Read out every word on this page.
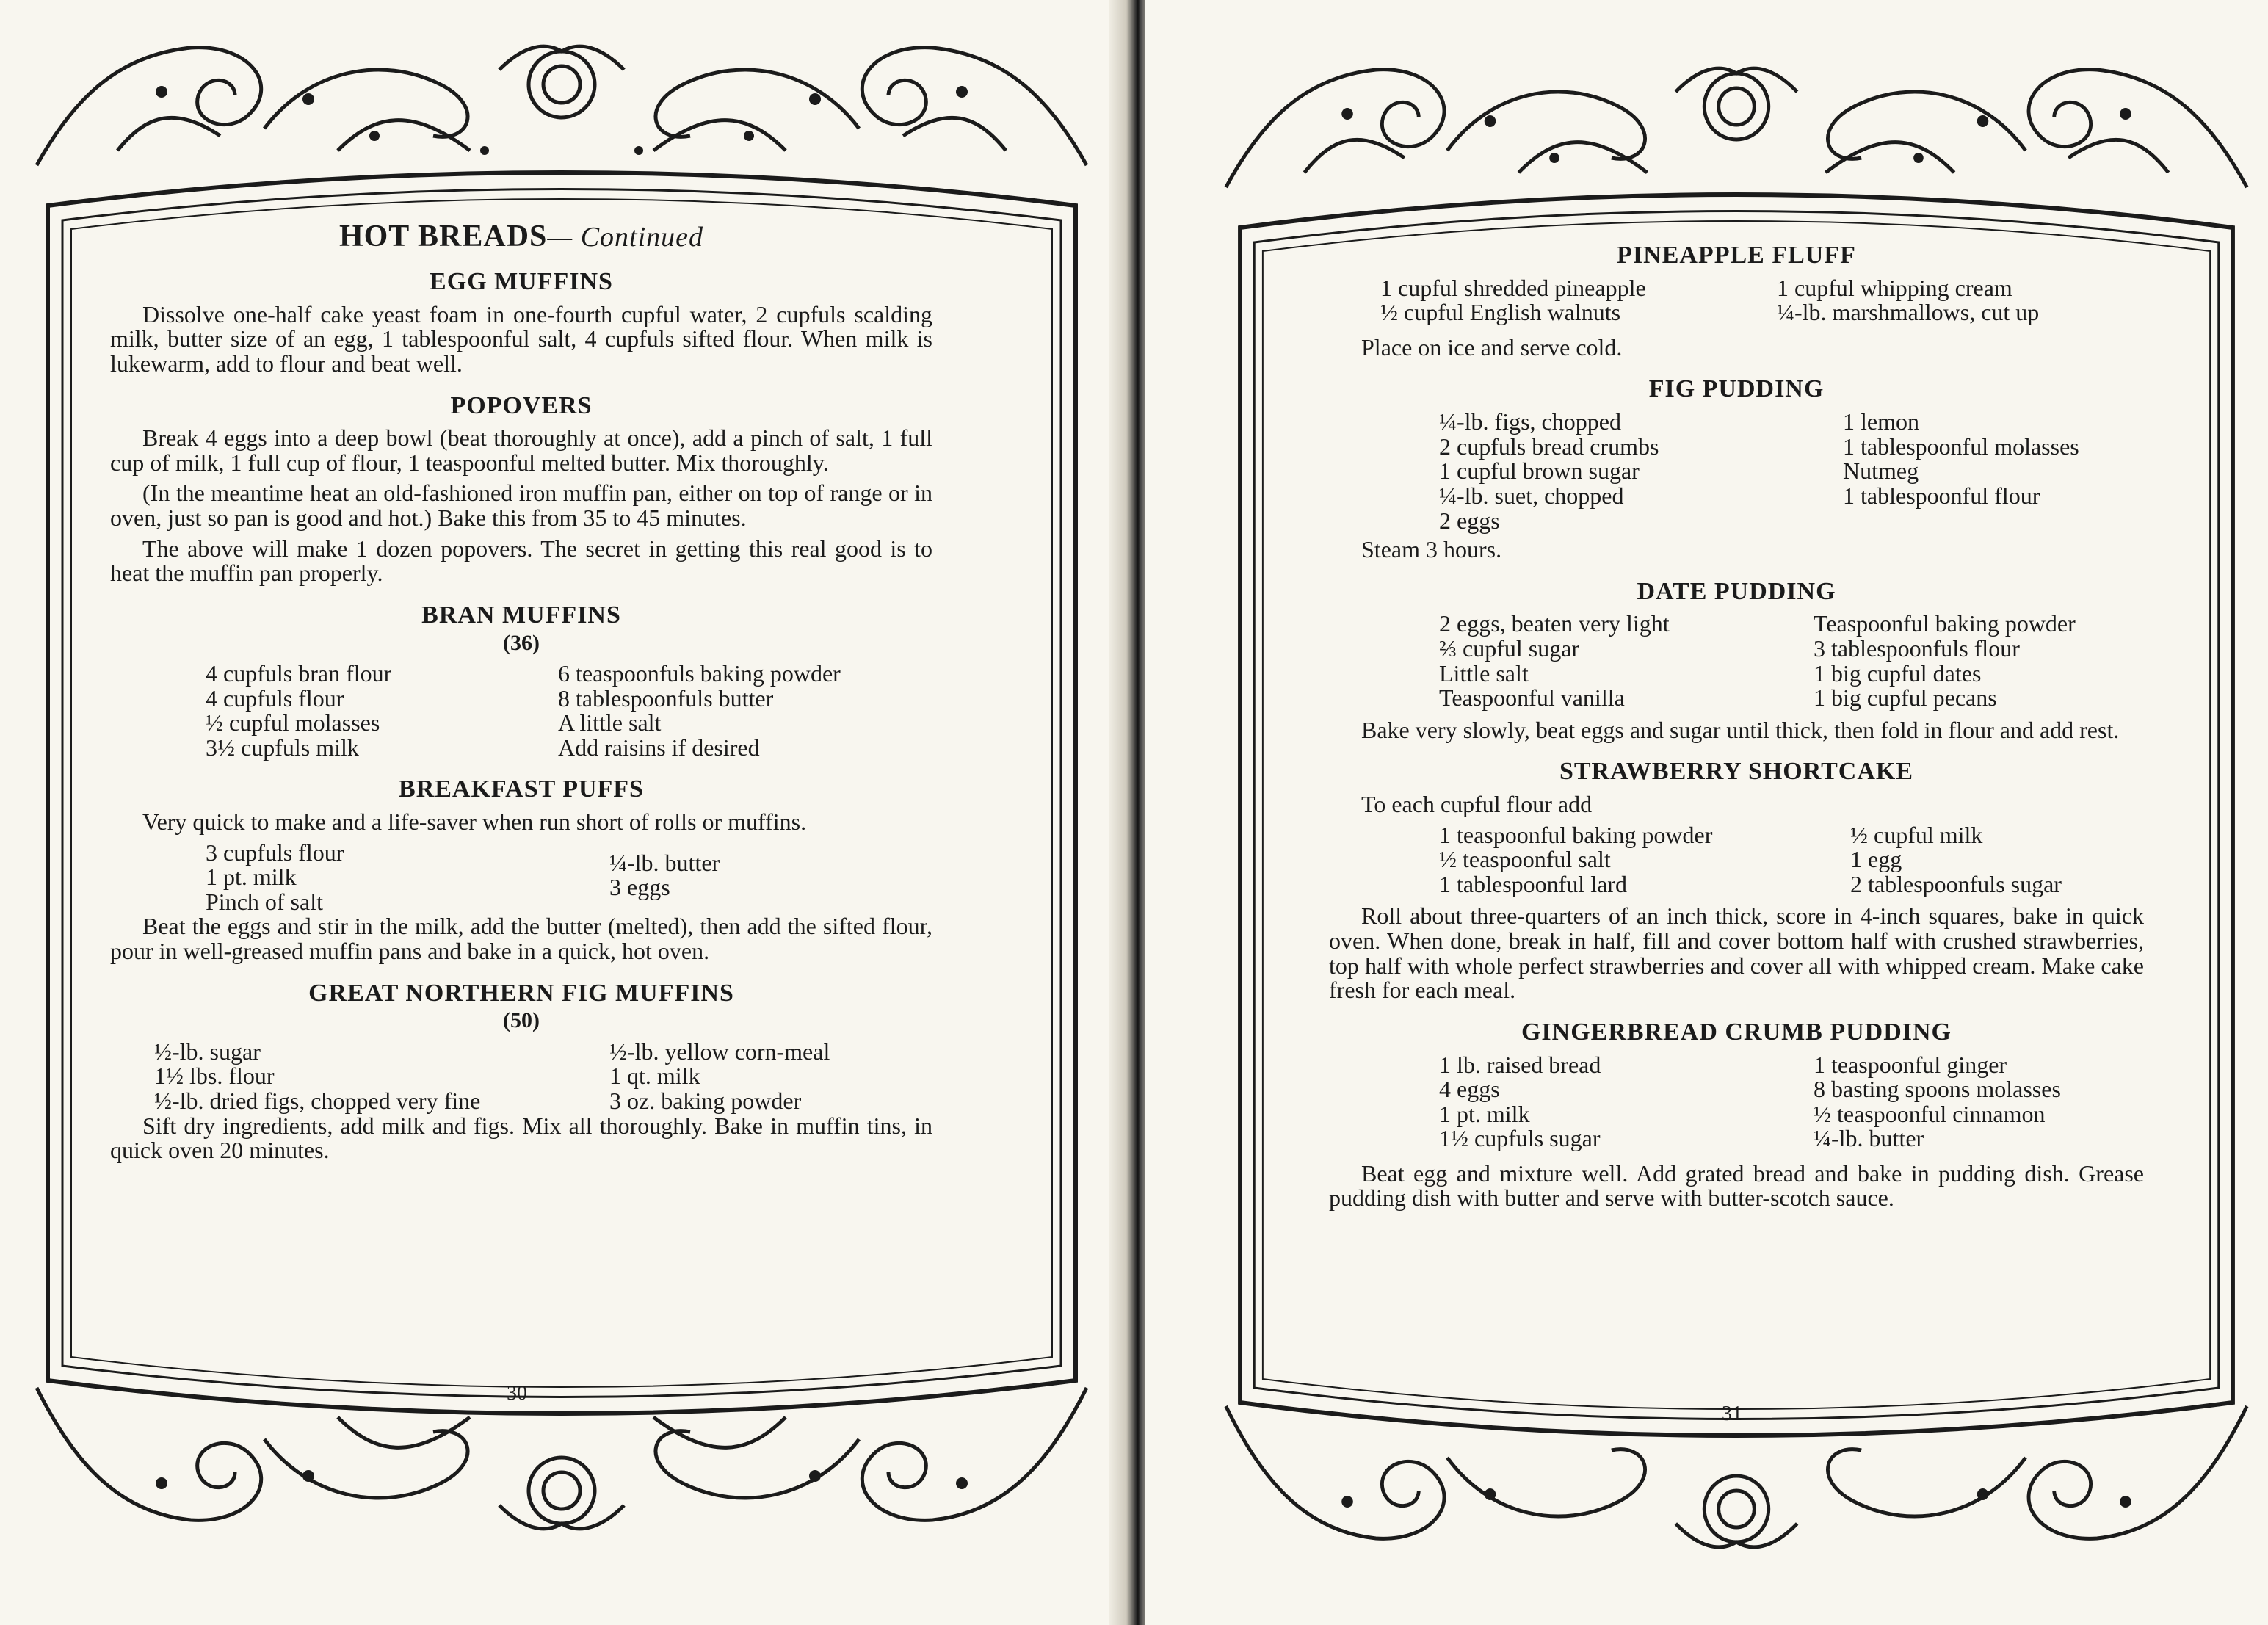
HOT BREADS— Continued
EGG MUFFINS

Dissolve one-half cake yeast foam in one-fourth cupful water, 2 cupfuls scalding milk, butter size of an egg, 1 tablespoonful salt, 4 cupfuls sifted flour. When milk is lukewarm, add to flour and beat well.

POPOVERS

Break 4 eggs into a deep bowl (beat thoroughly at once), add a pinch of salt, 1 full cup of milk, 1 full cup of flour, 1 teaspoonful melted butter. Mix thoroughly.

(In the meantime heat an old-fashioned iron muffin pan, either on top of range or in oven, just so pan is good and hot.) Bake this from 35 to 45 minutes.

The above will make 1 dozen popovers. The secret in getting this real good is to heat the muffin pan properly.

BRAN MUFFINS
(36)
4 cupfuls bran flour
4 cupfuls flour
½ cupful molasses
3½ cupfuls milk
6 teaspoonfuls baking powder
8 tablespoonfuls butter
A little salt
Add raisins if desired
BREAKFAST PUFFS

Very quick to make and a life-saver when run short of rolls or muffins.

3 cupfuls flour
1 pt. milk
Pinch of salt
¼-lb. butter
3 eggs

Beat the eggs and stir in the milk, add the butter (melted), then add the sifted flour, pour in well-greased muffin pans and bake in a quick, hot oven.

GREAT NORTHERN FIG MUFFINS
(50)
½-lb. sugar
1½ lbs. flour
½-lb. dried figs, chopped very fine
½-lb. yellow corn-meal
1 qt. milk
3 oz. baking powder

Sift dry ingredients, add milk and figs. Mix all thoroughly. Bake in muffin tins, in quick oven 20 minutes.

30
PINEAPPLE FLUFF
1 cupful shredded pineapple
½ cupful English walnuts
1 cupful whipping cream
¼-lb. marshmallows, cut up

Place on ice and serve cold.

FIG PUDDING
¼-lb. figs, chopped
2 cupfuls bread crumbs
1 cupful brown sugar
¼-lb. suet, chopped
2 eggs
1 lemon
1 tablespoonful molasses
Nutmeg
1 tablespoonful flour

Steam 3 hours.

DATE PUDDING
2 eggs, beaten very light
⅔ cupful sugar
Little salt
Teaspoonful vanilla
Teaspoonful baking powder
3 tablespoonfuls flour
1 big cupful dates
1 big cupful pecans

Bake very slowly, beat eggs and sugar until thick, then fold in flour and add rest.

STRAWBERRY SHORTCAKE

To each cupful flour add

1 teaspoonful baking powder
½ teaspoonful salt
1 tablespoonful lard
½ cupful milk
1 egg
2 tablespoonfuls sugar

Roll about three-quarters of an inch thick, score in 4-inch squares, bake in quick oven. When done, break in half, fill and cover bottom half with crushed strawberries, top half with whole perfect strawberries and cover all with whipped cream. Make cake fresh for each meal.

GINGERBREAD CRUMB PUDDING
1 lb. raised bread
4 eggs
1 pt. milk
1½ cupfuls sugar
1 teaspoonful ginger
8 basting spoons molasses
½ teaspoonful cinnamon
¼-lb. butter

Beat egg and mixture well. Add grated bread and bake in pudding dish. Grease pudding dish with butter and serve with butter-scotch sauce.

31
